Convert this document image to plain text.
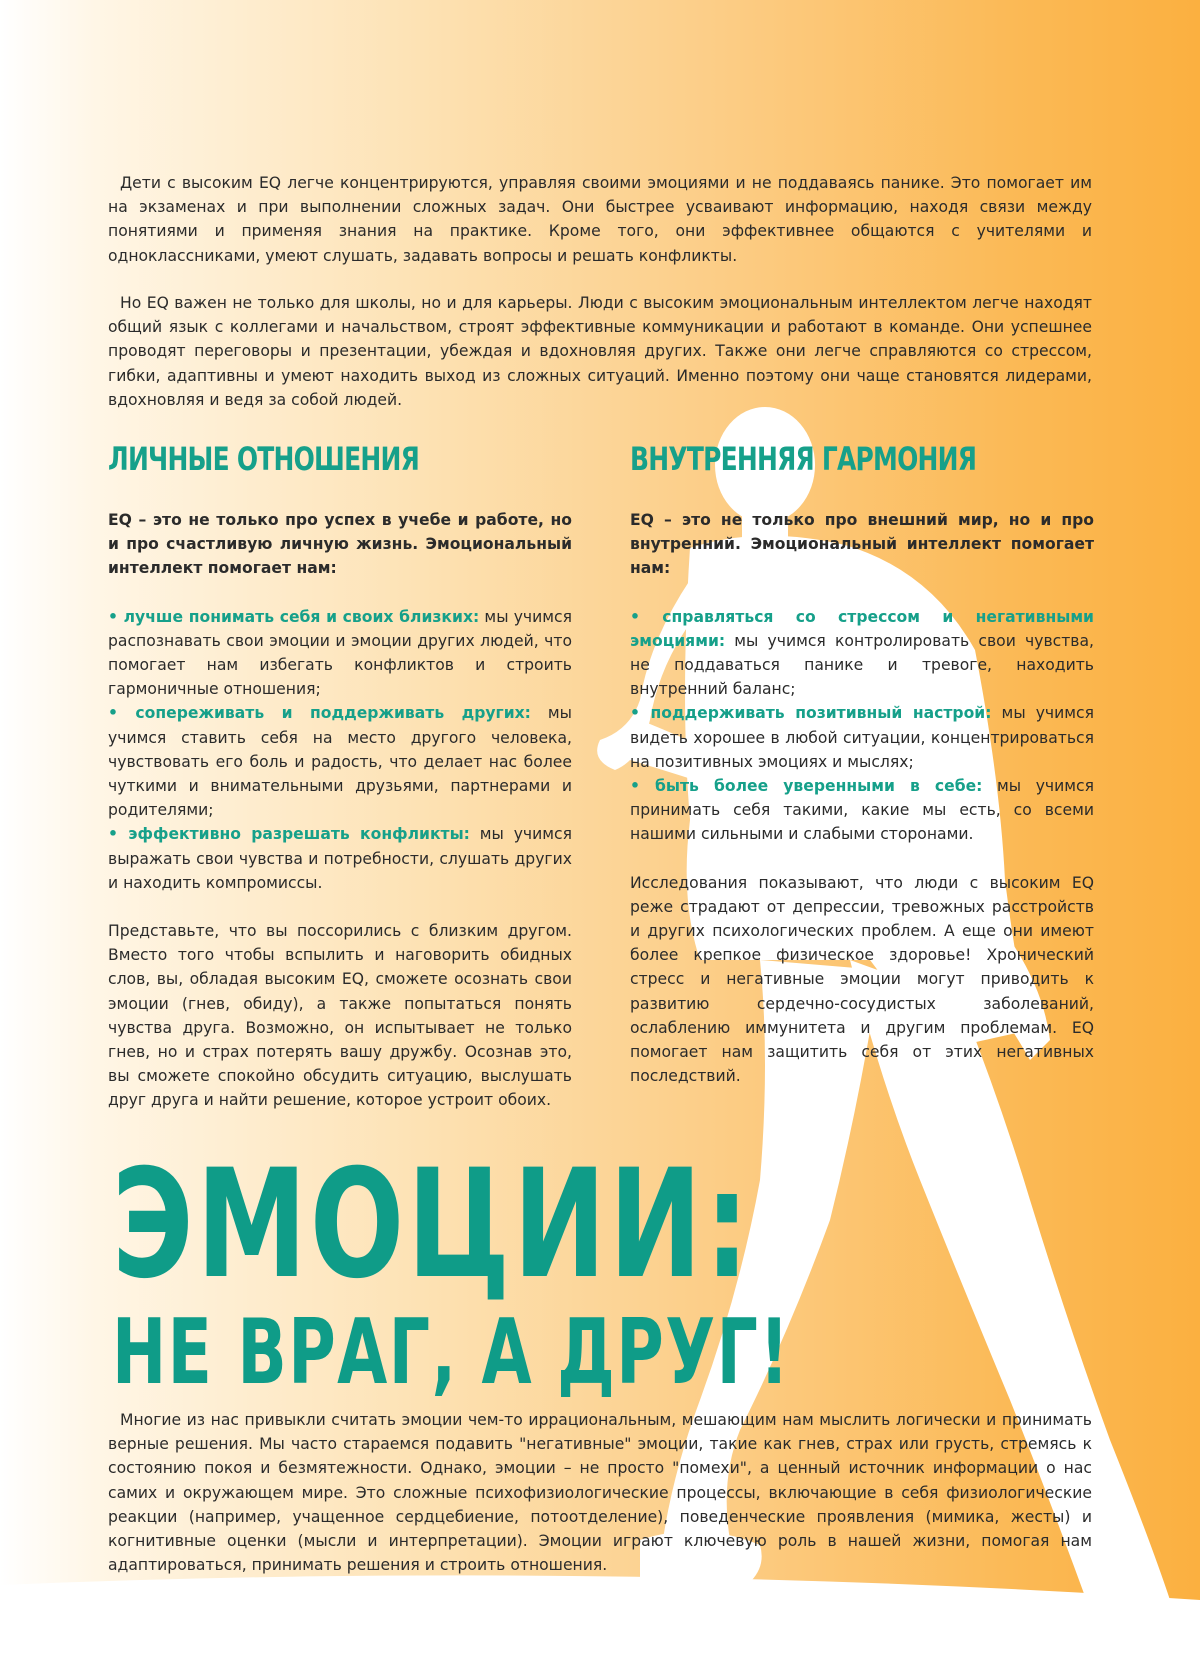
Дети с высоким EQ легче концентрируются, управляя своими эмоциями и не поддаваясь панике. Это помогает им на экзаменах и при выполнении сложных задач. Они быстрее усваивают информацию, находя связи между понятиями и применяя знания на практике. Кроме того, они эффективнее общаются с учителями и одноклассниками, умеют слушать, задавать вопросы и решать конфликты.

Но EQ важен не только для школы, но и для карьеры. Люди с высоким эмоциональным интеллектом легче находят общий язык с коллегами и начальством, строят эффективные коммуникации и работают в команде. Они успешнее проводят переговоры и презентации, убеждая и вдохновляя других. Также они легче справляются со стрессом, гибки, адаптивны и умеют находить выход из сложных ситуаций. Именно поэтому они чаще становятся лидерами, вдохновляя и ведя за собой людей.

ЛИЧНЫЕ ОТНОШЕНИЯ	ВНУТРЕННЯЯ ГАРМОНИЯ

EQ – это не только про успех в учебе и работе, но и про счастливую личную жизнь. Эмоциональный интеллект помогает нам:

• лучше понимать себя и своих близких: мы учимся распознавать свои эмоции и эмоции других людей, что помогает нам избегать конфликтов и строить гармоничные отношения;

• сопереживать и поддерживать других: мы учимся ставить себя на место другого человека, чувствовать его боль и радость, что делает нас более чуткими и внимательными друзьями, партнерами и родителями;

• эффективно разрешать конфликты: мы учимся выражать свои чувства и потребности, слушать других и находить компромиссы.

Представьте, что вы поссорились с близким другом. Вместо того чтобы вспылить и наговорить обидных слов, вы, обладая высоким EQ, сможете осознать свои эмоции (гнев, обиду), а также попытаться понять чувства друга. Возможно, он испытывает не только гнев, но и страх потерять вашу дружбу. Осознав это, вы сможете спокойно обсудить ситуацию, выслушать друг друга и найти решение, которое устроит обоих.

EQ – это не только про внешний мир, но и про внутренний. Эмоциональный интеллект помогает нам:

• справляться со стрессом и негативными эмоциями: мы учимся контролировать свои чувства, не поддаваться панике и тревоге, находить внутренний баланс;

• поддерживать позитивный настрой: мы учимся видеть хорошее в любой ситуации, концентрироваться на позитивных эмоциях и мыслях;

• быть более уверенными в себе: мы учимся принимать себя такими, какие мы есть, со всеми нашими сильными и слабыми сторонами.

Исследования показывают, что люди с высоким EQ реже страдают от депрессии, тревожных расстройств и других психологических проблем. А еще они имеют более крепкое физическое здоровье! Хронический стресс и негативные эмоции могут приводить к развитию сердечно-сосудистых заболеваний, ослаблению иммунитета и другим проблемам. EQ помогает нам защитить себя от этих негативных последствий.

ЭМОЦИИ:
НЕ ВРАГ, А ДРУГ!

Многие из нас привыкли считать эмоции чем-то иррациональным, мешающим нам мыслить логически и принимать верные решения. Мы часто стараемся подавить "негативные" эмоции, такие как гнев, страх или грусть, стремясь к состоянию покоя и безмятежности. Однако, эмоции – не просто "помехи", а ценный источник информации о нас самих и окружающем мире. Это сложные психофизиологические процессы, включающие в себя физиологические реакции (например, учащенное сердцебиение, потоотделение), поведенческие проявления (мимика, жесты) и когнитивные оценки (мысли и интерпретации). Эмоции играют ключевую роль в нашей жизни, помогая нам адаптироваться, принимать решения и строить отношения.
